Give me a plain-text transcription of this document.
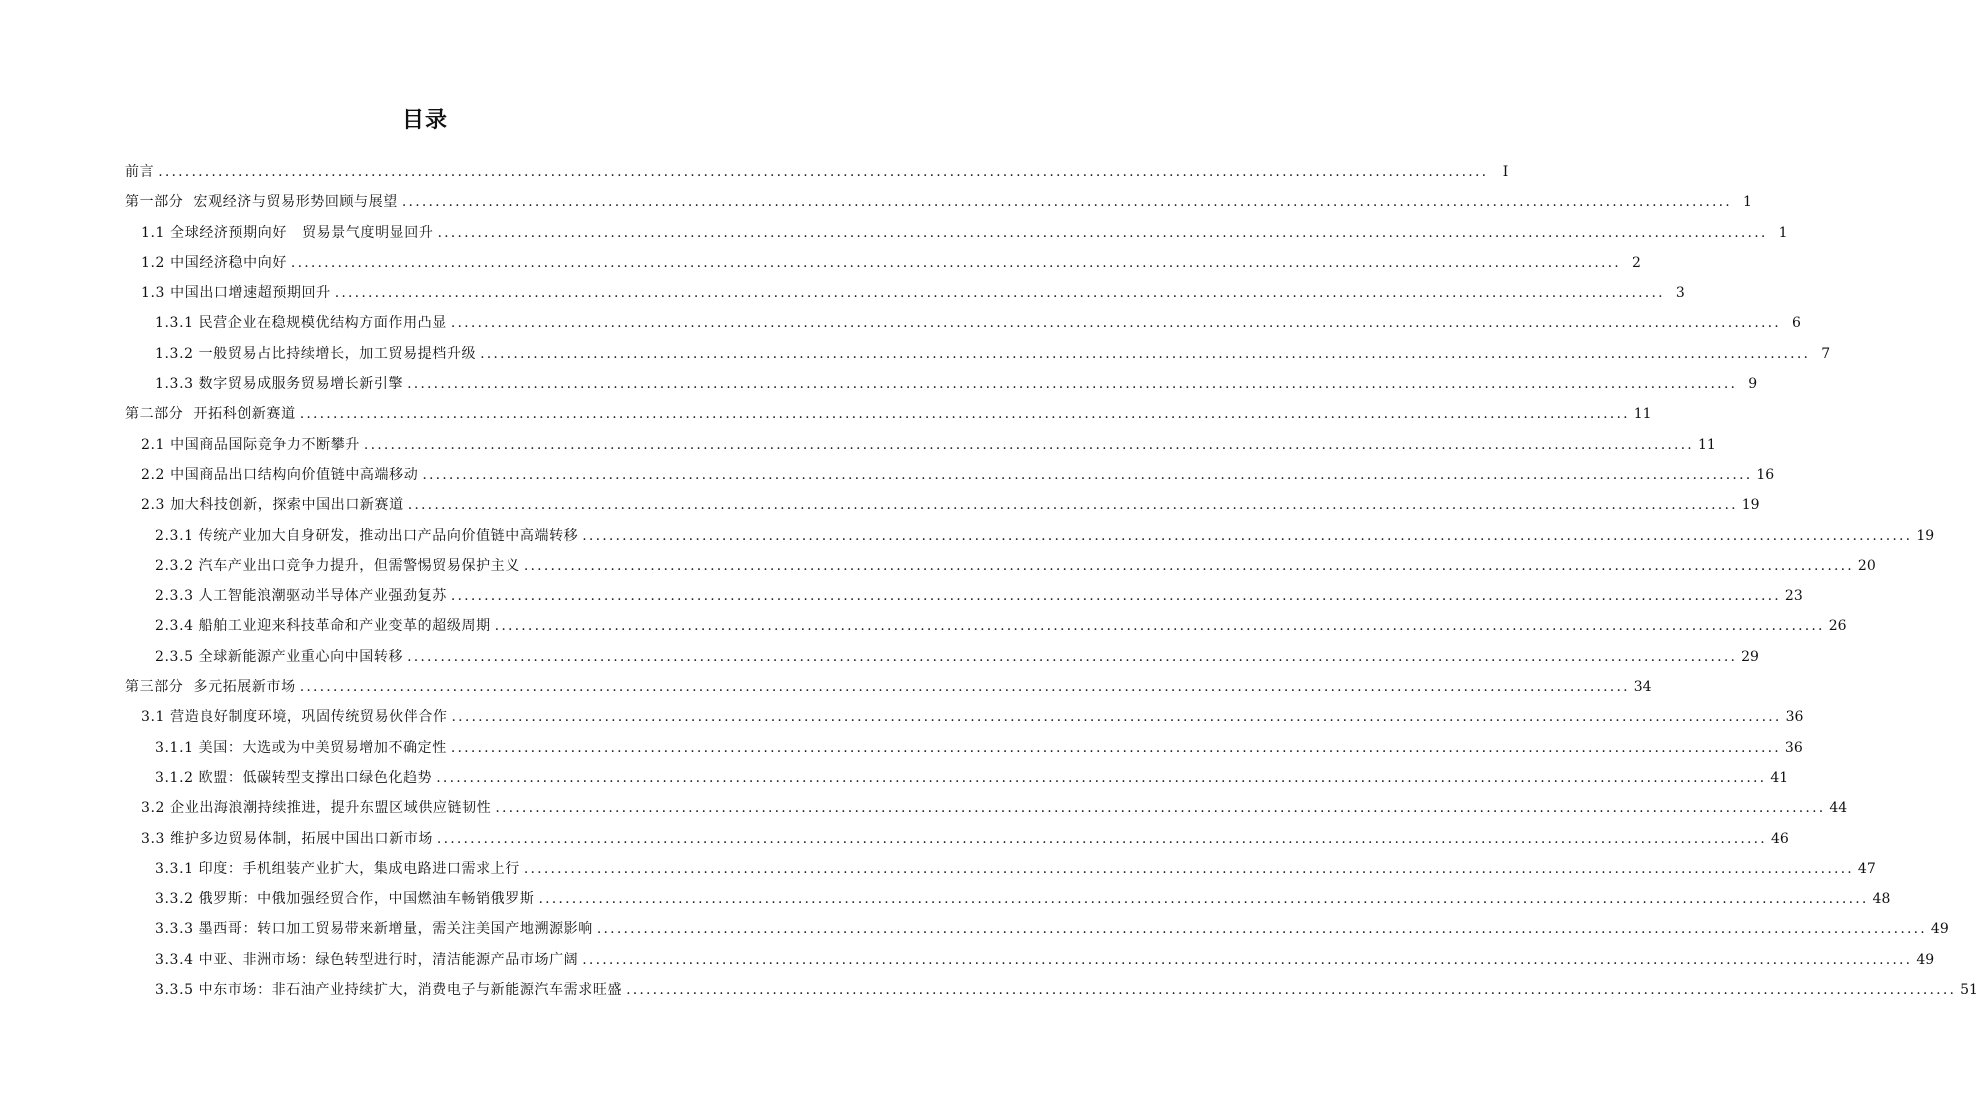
目录
前言 ........................................................................................................................................................................................................	I
第一部分  宏观经济与贸易形势回顾与展望 ........................................................................................................................................................................................................ 1
1.1 全球经济预期向好   贸易景气度明显回升 ........................................................................................................................................................................................................ 1
1.2 中国经济稳中向好 ........................................................................................................................................................................................................ 2
1.3 中国出口增速超预期回升 ........................................................................................................................................................................................................ 3
1.3.1 民营企业在稳规模优结构方面作用凸显 ........................................................................................................................................................................................................ 6
1.3.2 一般贸易占比持续增长，加工贸易提档升级 ........................................................................................................................................................................................................ 7
1.3.3 数字贸易成服务贸易增长新引擎 ........................................................................................................................................................................................................ 9
第二部分  开拓科创新赛道 ........................................................................................................................................................................................................ 11
2.1 中国商品国际竞争力不断攀升 ........................................................................................................................................................................................................ 11
2.2 中国商品出口结构向价值链中高端移动 ........................................................................................................................................................................................................ 16
2.3 加大科技创新，探索中国出口新赛道 ........................................................................................................................................................................................................ 19
2.3.1 传统产业加大自身研发，推动出口产品向价值链中高端转移 ........................................................................................................................................................................................................ 19
2.3.2 汽车产业出口竞争力提升，但需警惕贸易保护主义 ........................................................................................................................................................................................................ 20
2.3.3 人工智能浪潮驱动半导体产业强劲复苏 ........................................................................................................................................................................................................ 23
2.3.4 船舶工业迎来科技革命和产业变革的超级周期 ........................................................................................................................................................................................................ 26
2.3.5 全球新能源产业重心向中国转移 ........................................................................................................................................................................................................ 29
第三部分  多元拓展新市场 ........................................................................................................................................................................................................ 34
3.1 营造良好制度环境，巩固传统贸易伙伴合作 ........................................................................................................................................................................................................ 36
3.1.1 美国：大选或为中美贸易增加不确定性 ........................................................................................................................................................................................................ 36
3.1.2 欧盟：低碳转型支撑出口绿色化趋势 ........................................................................................................................................................................................................ 41
3.2 企业出海浪潮持续推进，提升东盟区域供应链韧性 ........................................................................................................................................................................................................ 44
3.3 维护多边贸易体制，拓展中国出口新市场 ........................................................................................................................................................................................................ 46
3.3.1 印度：手机组装产业扩大，集成电路进口需求上行 ........................................................................................................................................................................................................ 47
3.3.2 俄罗斯：中俄加强经贸合作，中国燃油车畅销俄罗斯 ........................................................................................................................................................................................................ 48
3.3.3 墨西哥：转口加工贸易带来新增量，需关注美国产地溯源影响 ........................................................................................................................................................................................................ 49
3.3.4 中亚、非洲市场：绿色转型进行时，清洁能源产品市场广阔 ........................................................................................................................................................................................................ 49
3.3.5 中东市场：非石油产业持续扩大，消费电子与新能源汽车需求旺盛 ........................................................................................................................................................................................................ 51
